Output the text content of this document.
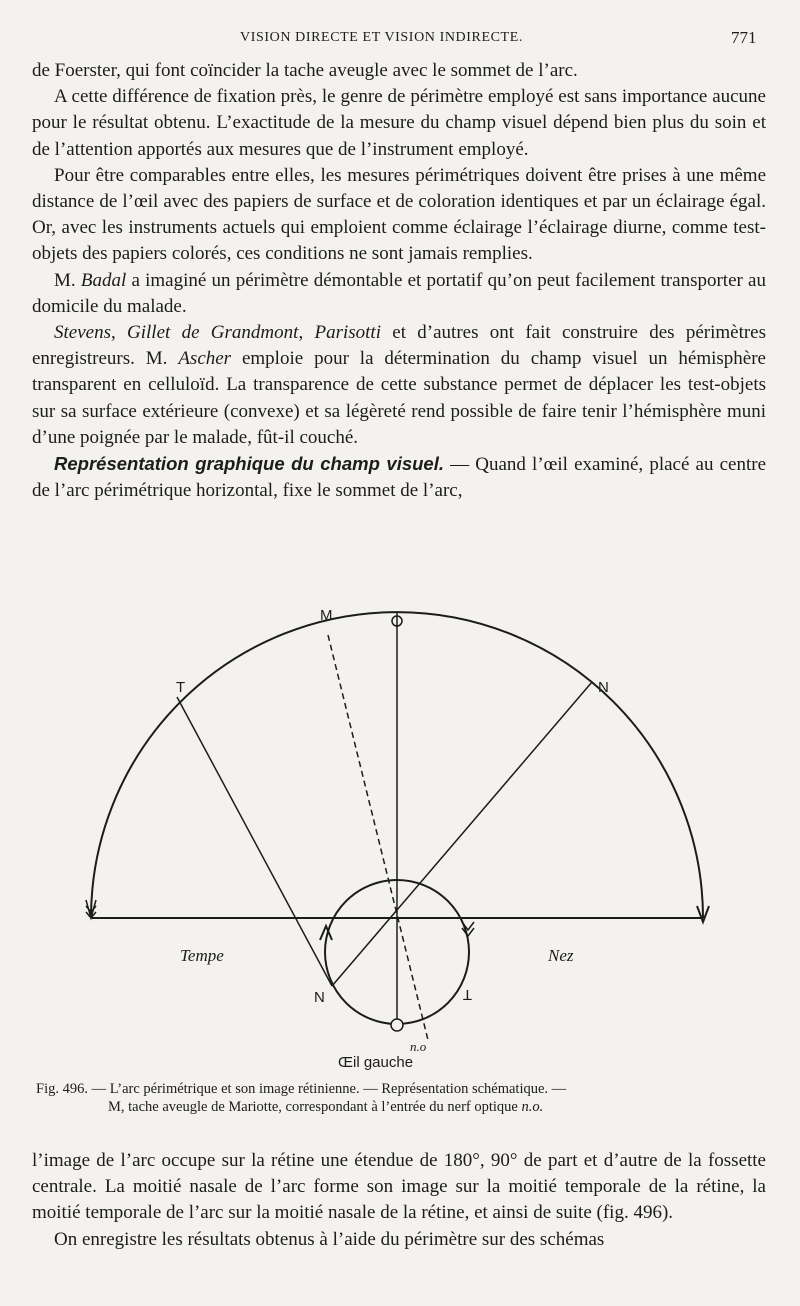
VISION DIRECTE ET VISION INDIRECTE.	771

de Foerster, qui font coïncider la tache aveugle avec le sommet de l’arc.

A cette différence de fixation près, le genre de périmètre employé est sans importance aucune pour le résultat obtenu. L’exactitude de la mesure du champ visuel dépend bien plus du soin et de l’attention apportés aux mesures que de l’instrument employé.

Pour être comparables entre elles, les mesures périmétriques doivent être prises à une même distance de l’œil avec des papiers de surface et de coloration identiques et par un éclairage égal. Or, avec les instruments actuels qui emploient comme éclairage l’éclairage diurne, comme test-objets des papiers colorés, ces conditions ne sont jamais remplies.

M. Badal a imaginé un périmètre démontable et portatif qu’on peut facilement transporter au domicile du malade.

Stevens, Gillet de Grandmont, Parisotti et d’autres ont fait construire des périmètres enregistreurs. M. Ascher emploie pour la détermination du champ visuel un hémisphère transparent en celluloïd. La transparence de cette substance permet de déplacer les test-objets sur sa surface extérieure (convexe) et sa légèreté rend possible de faire tenir l’hémisphère muni d’une poignée par le malade, fût-il couché.

Représentation graphique du champ visuel. — Quand l’œil examiné, placé au centre de l’arc périmétrique horizontal, fixe le sommet de l’arc,

M
T	N
Tempe	Nez
N	T
n.o
Œil gauche
Fig. 496. — L’arc périmétrique et son image rétinienne. — Représentation schématique. —
M, tache aveugle de Mariotte, correspondant à l’entrée du nerf optique n.o.

l’image de l’arc occupe sur la rétine une étendue de 180°, 90° de part et d’autre de la fossette centrale. La moitié nasale de l’arc forme son image sur la moitié temporale de la rétine, la moitié temporale de l’arc sur la moitié nasale de la rétine, et ainsi de suite (fig. 496).

On enregistre les résultats obtenus à l’aide du périmètre sur des schémas
